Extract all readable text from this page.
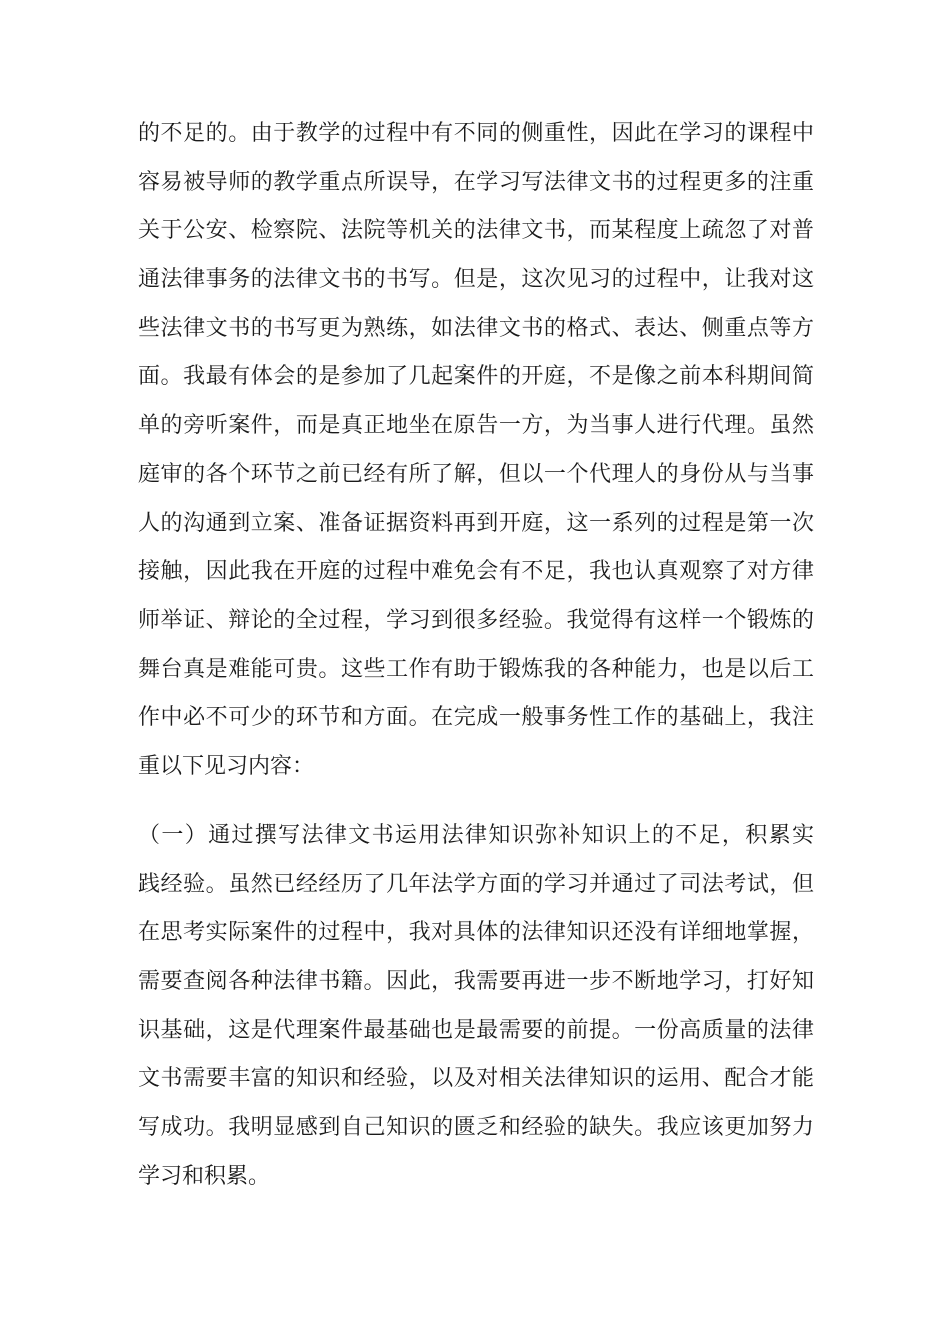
的不足的。由于教学的过程中有不同的侧重性，因此在学习的课程中
容易被导师的教学重点所误导，在学习写法律文书的过程更多的注重
关于公安、检察院、法院等机关的法律文书，而某程度上疏忽了对普
通法律事务的法律文书的书写。但是，这次见习的过程中，让我对这
些法律文书的书写更为熟练，如法律文书的格式、表达、侧重点等方
面。我最有体会的是参加了几起案件的开庭，不是像之前本科期间简
单的旁听案件，而是真正地坐在原告一方，为当事人进行代理。虽然
庭审的各个环节之前已经有所了解，但以一个代理人的身份从与当事
人的沟通到立案、准备证据资料再到开庭，这一系列的过程是第一次
接触，因此我在开庭的过程中难免会有不足，我也认真观察了对方律
师举证、辩论的全过程，学习到很多经验。我觉得有这样一个锻炼的
舞台真是难能可贵。这些工作有助于锻炼我的各种能力，也是以后工
作中必不可少的环节和方面。在完成一般事务性工作的基础上，我注
重以下见习内容：
（一）通过撰写法律文书运用法律知识弥补知识上的不足，积累实
践经验。虽然已经经历了几年法学方面的学习并通过了司法考试，但
在思考实际案件的过程中，我对具体的法律知识还没有详细地掌握，
需要查阅各种法律书籍。因此，我需要再进一步不断地学习，打好知
识基础，这是代理案件最基础也是最需要的前提。一份高质量的法律
文书需要丰富的知识和经验，以及对相关法律知识的运用、配合才能
写成功。我明显感到自己知识的匮乏和经验的缺失。我应该更加努力
学习和积累。
